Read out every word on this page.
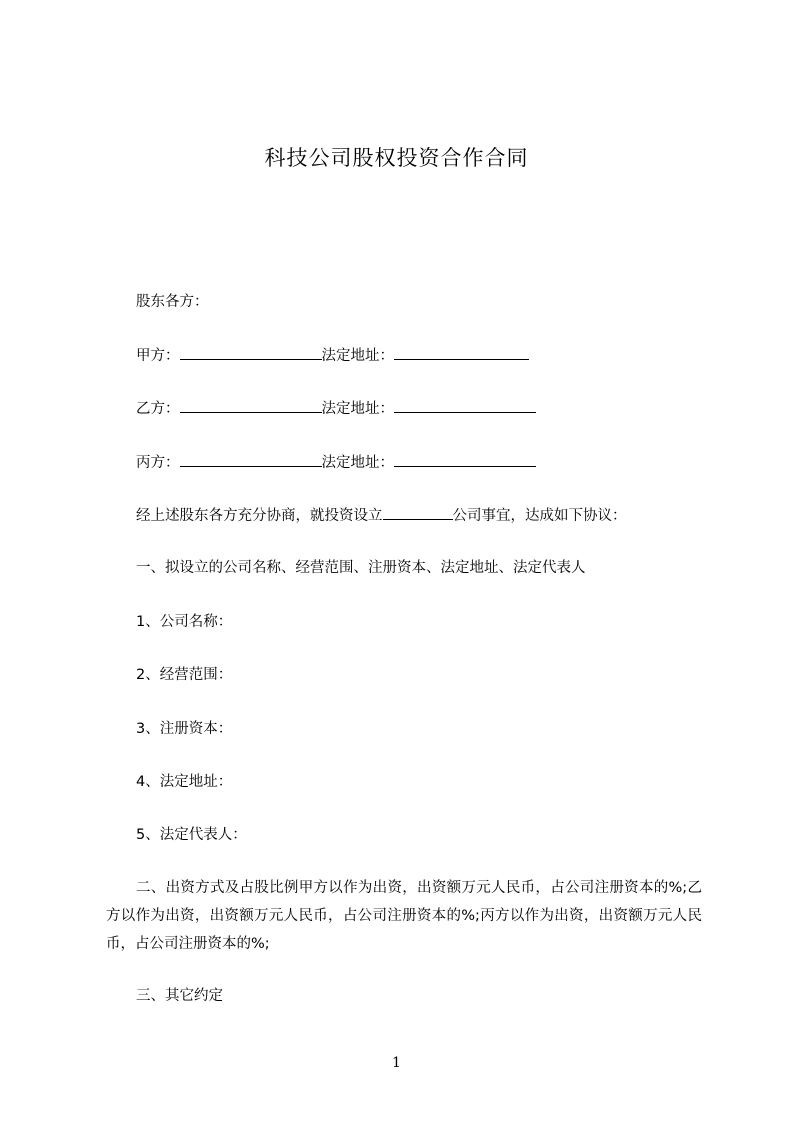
科技公司股权投资合作合同
股东各方：
甲方：	法定地址：
乙方：	法定地址：
丙方：	法定地址：
经上述股东各方充分协商，就投资设立	公司事宜，达成如下协议：
一、拟设立的公司名称、经营范围、注册资本、法定地址、法定代表人
1、公司名称：
2、经营范围：
3、注册资本：
4、法定地址：
5、法定代表人：
二、出资方式及占股比例甲方以作为出资，出资额万元人民币，占公司注册资本的%;乙方以作为出资，出资额万元人民币，占公司注册资本的%;丙方以作为出资，出资额万元人民币，占公司注册资本的%;
三、其它约定
1
